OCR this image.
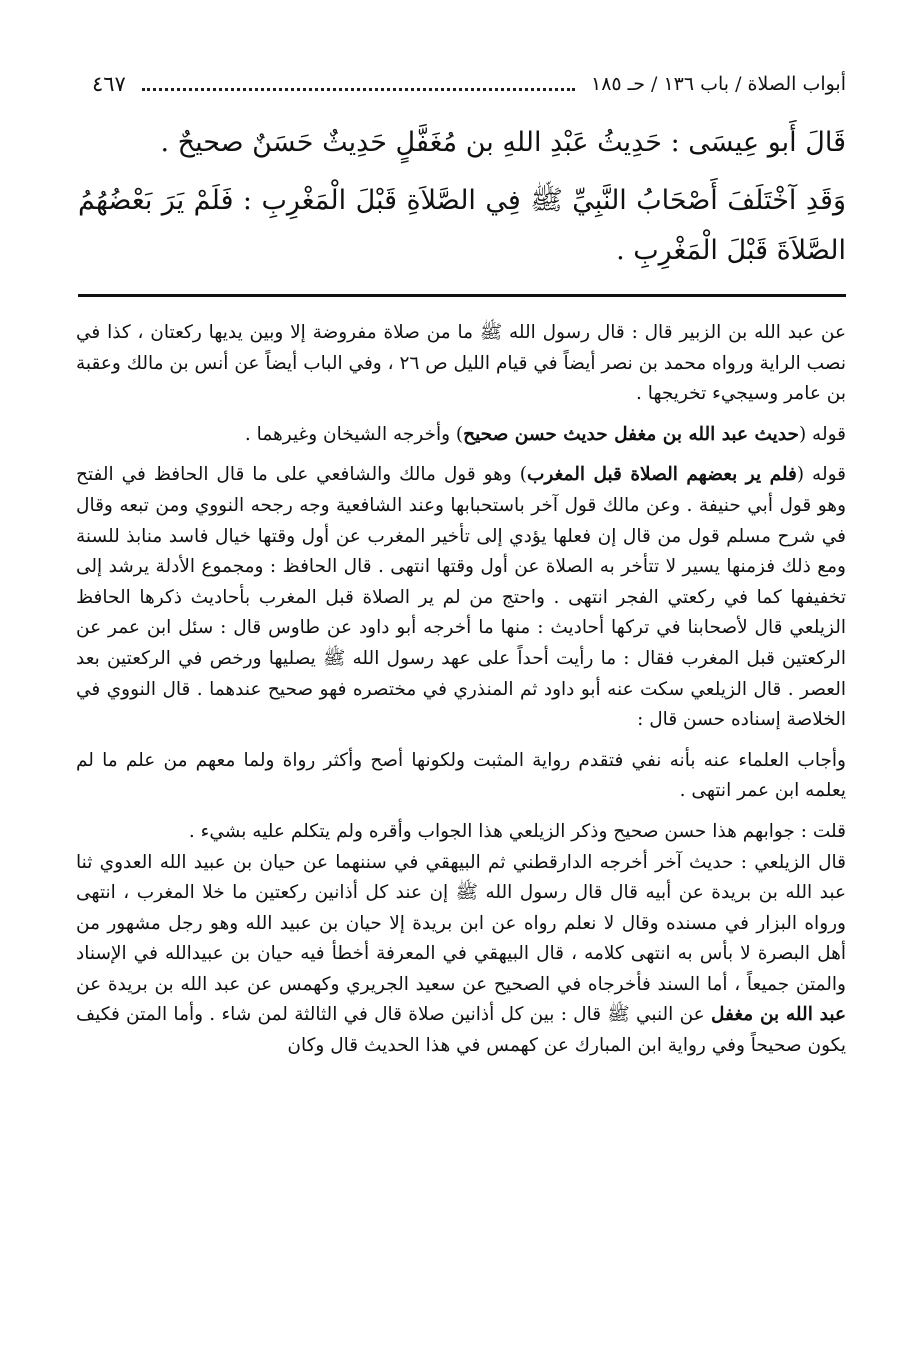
أبواب الصلاة / باب ١٣٦ / حـ ١٨٥
٤٦٧

قَالَ أَبو عِيسَى : حَدِيثُ عَبْدِ اللهِ بن مُغَفَّلٍ حَدِيثٌ حَسَنٌ صحيحٌ .

وَقَدِ آخْتَلَفَ أَصْحَابُ النَّبِيِّ ﷺ فِي الصَّلاَةِ قَبْلَ الْمَغْرِبِ : فَلَمْ يَرَ بَعْضُهُمُ الصَّلاَةَ قَبْلَ الْمَغْرِبِ .

عن عبد الله بن الزبير قال : قال رسول الله ﷺ ما من صلاة مفروضة إلا وبين يديها ركعتان ، كذا في نصب الراية ورواه محمد بن نصر أيضاً في قيام الليل ص ٢٦ ، وفي الباب أيضاً عن أنس بن مالك وعقبة بن عامر وسيجيء تخريجها .

قوله (حديث عبد الله بن مغفل حديث حسن صحيح) وأخرجه الشيخان وغيرهما .

قوله (فلم ير بعضهم الصلاة قبل المغرب) وهو قول مالك والشافعي على ما قال الحافظ في الفتح وهو قول أبي حنيفة . وعن مالك قول آخر باستحبابها وعند الشافعية وجه رجحه النووي ومن تبعه وقال في شرح مسلم قول من قال إن فعلها يؤدي إلى تأخير المغرب عن أول وقتها خيال فاسد منابذ للسنة ومع ذلك فزمنها يسير لا تتأخر به الصلاة عن أول وقتها انتهى . قال الحافظ : ومجموع الأدلة يرشد إلى تخفيفها كما في ركعتي الفجر انتهى . واحتج من لم ير الصلاة قبل المغرب بأحاديث ذكرها الحافظ الزيلعي قال لأصحابنا في تركها أحاديث : منها ما أخرجه أبو داود عن طاوس قال : سئل ابن عمر عن الركعتين قبل المغرب فقال : ما رأيت أحداً على عهد رسول الله ﷺ يصليها ورخص في الركعتين بعد العصر . قال الزيلعي سكت عنه أبو داود ثم المنذري في مختصره فهو صحيح عندهما . قال النووي في الخلاصة إسناده حسن قال :

وأجاب العلماء عنه بأنه نفي فتقدم رواية المثبت ولكونها أصح وأكثر رواة ولما معهم من علم ما لم يعلمه ابن عمر انتهى .

قلت : جوابهم هذا حسن صحيح وذكر الزيلعي هذا الجواب وأقره ولم يتكلم عليه بشيء .
قال الزيلعي : حديث آخر أخرجه الدارقطني ثم البيهقي في سننهما عن حيان بن عبيد الله العدوي ثنا عبد الله بن بريدة عن أبيه قال قال رسول الله ﷺ إن عند كل أذانين ركعتين ما خلا المغرب ، انتهى ورواه البزار في مسنده وقال لا نعلم رواه عن ابن بريدة إلا حيان بن عبيد الله وهو رجل مشهور من أهل البصرة لا بأس به انتهى كلامه ، قال البيهقي في المعرفة أخطأ فيه حيان بن عبيدالله في الإسناد والمتن جميعاً ، أما السند فأخرجاه في الصحيح عن سعيد الجريري وكهمس عن عبد الله بن بريدة عن عبد الله بن مغفل عن النبي ﷺ قال : بين كل أذانين صلاة قال في الثالثة لمن شاء . وأما المتن فكيف يكون صحيحاً وفي رواية ابن المبارك عن كهمس في هذا الحديث قال وكان
